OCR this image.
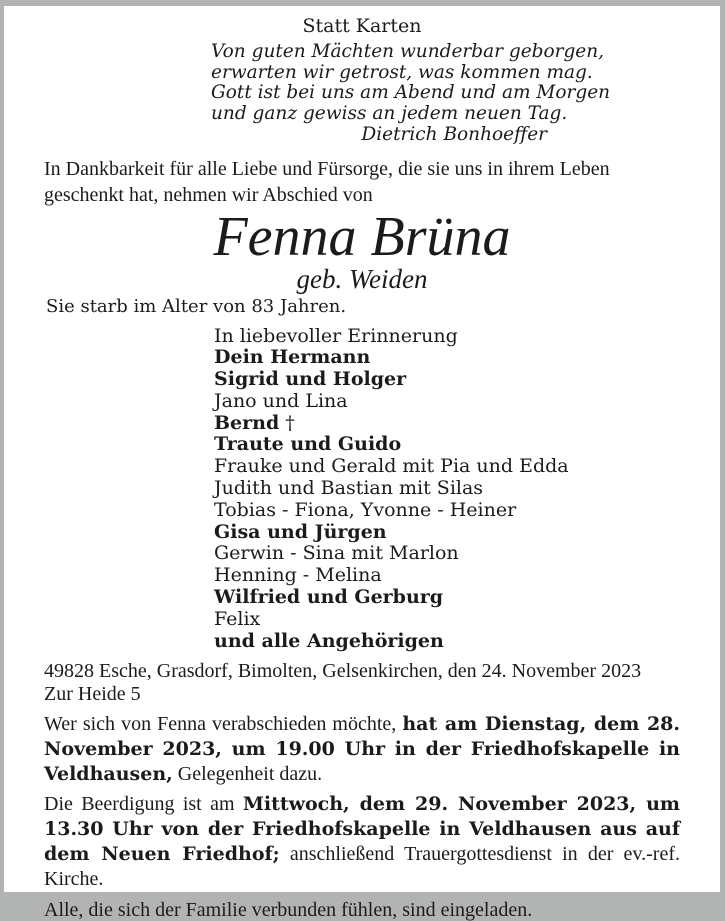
Statt Karten
Von guten Mächten wunderbar geborgen,
erwarten wir getrost, was kommen mag.
Gott ist bei uns am Abend und am Morgen
und ganz gewiss an jedem neuen Tag.
Dietrich Bonhoeffer

In Dankbarkeit für alle Liebe und Fürsorge, die sie uns in ihrem Leben geschenkt hat, nehmen wir Abschied von

Fenna Brüna
geb. Weiden
Sie starb im Alter von 83 Jahren.
In liebevoller Erinnerung
Dein Hermann
Sigrid und Holger
Jano und Lina
Bernd †
Traute und Guido
Frauke und Gerald mit Pia und Edda
Judith und Bastian mit Silas
Tobias - Fiona, Yvonne - Heiner
Gisa und Jürgen
Gerwin - Sina mit Marlon
Henning - Melina
Wilfried und Gerburg
Felix
und alle Angehörigen
49828 Esche, Grasdorf, Bimolten, Gelsenkirchen, den 24. November 2023
Zur Heide 5

Wer sich von Fenna verabschieden möchte, hat am Dienstag, dem 28. November 2023, um 19.00 Uhr in der Friedhofskapelle in Veldhausen, Gelegenheit dazu.

Die Beerdigung ist am Mittwoch, dem 29. November 2023, um 13.30 Uhr von der Friedhofskapelle in Veldhausen aus auf dem Neuen Friedhof; anschließend Trauergottesdienst in der ev.-ref. Kirche.

Alle, die sich der Familie verbunden fühlen, sind eingeladen.
